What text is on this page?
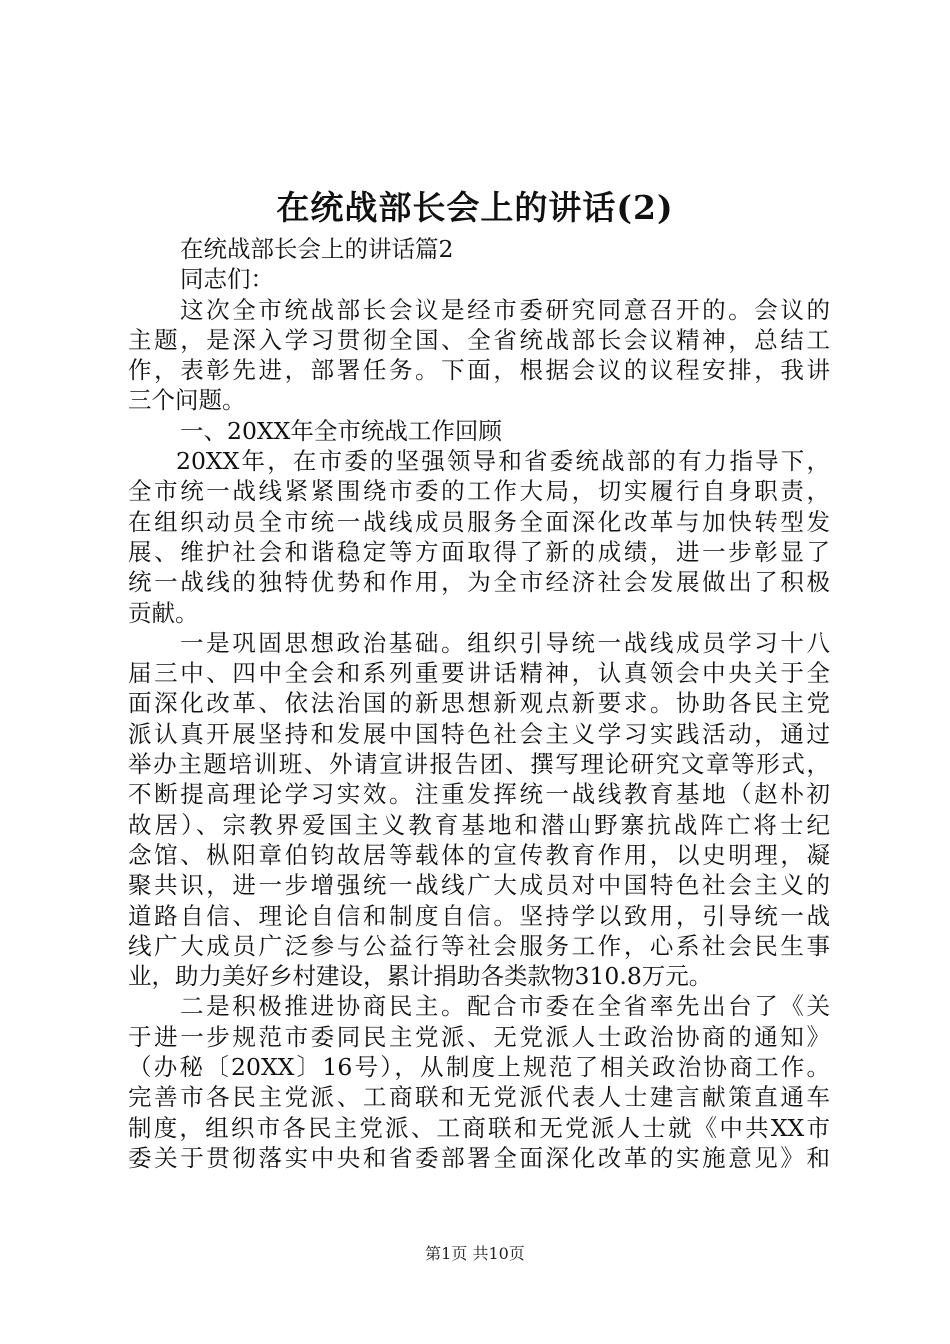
在统战部长会上的讲话(2)
在统战部长会上的讲话篇2
同志们：
这次全市统战部长会议是经市委研究同意召开的。会议的
主题，是深入学习贯彻全国、全省统战部长会议精神，总结工
作，表彰先进，部署任务。下面，根据会议的议程安排，我讲
三个问题。
一、20XX年全市统战工作回顾
20XX年，在市委的坚强领导和省委统战部的有力指导下，
全市统一战线紧紧围绕市委的工作大局，切实履行自身职责，
在组织动员全市统一战线成员服务全面深化改革与加快转型发
展、维护社会和谐稳定等方面取得了新的成绩，进一步彰显了
统一战线的独特优势和作用，为全市经济社会发展做出了积极
贡献。
一是巩固思想政治基础。组织引导统一战线成员学习十八
届三中、四中全会和系列重要讲话精神，认真领会中央关于全
面深化改革、依法治国的新思想新观点新要求。协助各民主党
派认真开展坚持和发展中国特色社会主义学习实践活动，通过
举办主题培训班、外请宣讲报告团、撰写理论研究文章等形式，
不断提高理论学习实效。注重发挥统一战线教育基地（赵朴初
故居）、宗教界爱国主义教育基地和潜山野寨抗战阵亡将士纪
念馆、枞阳章伯钧故居等载体的宣传教育作用，以史明理，凝
聚共识，进一步增强统一战线广大成员对中国特色社会主义的
道路自信、理论自信和制度自信。坚持学以致用，引导统一战
线广大成员广泛参与公益行等社会服务工作，心系社会民生事
业，助力美好乡村建设，累计捐助各类款物310.8万元。
二是积极推进协商民主。配合市委在全省率先出台了《关
于进一步规范市委同民主党派、无党派人士政治协商的通知》
（办秘〔20XX〕16号），从制度上规范了相关政治协商工作。
完善市各民主党派、工商联和无党派代表人士建言献策直通车
制度，组织市各民主党派、工商联和无党派人士就《中共XX市
委关于贯彻落实中央和省委部署全面深化改革的实施意见》和
第1页 共10页
